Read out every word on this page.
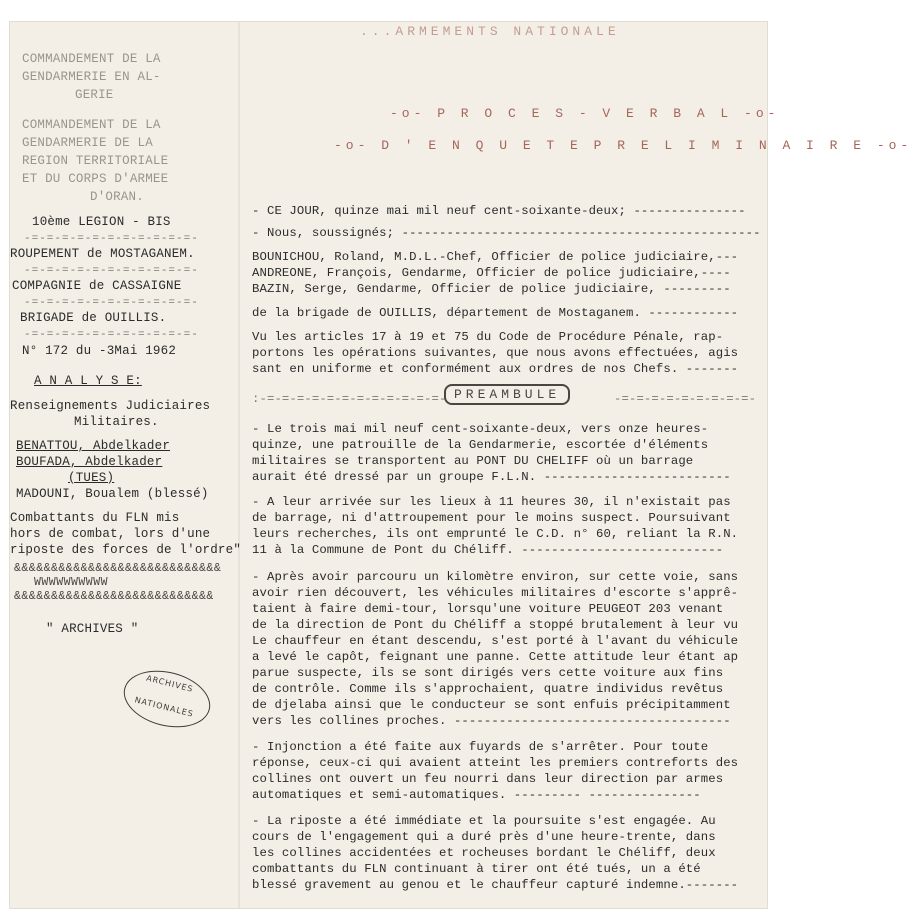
COMMANDEMENT DE LA
GENDARMERIE EN AL-
GERIE
COMMANDEMENT DE LA
GENDARMERIE DE LA
REGION TERRITORIALE
ET DU CORPS D'ARMEE
D'ORAN.
10ème LEGION - BIS
-=-=-=-=-=-=-=-=-=-=-=-
ROUPEMENT de MOSTAGANEM.
-=-=-=-=-=-=-=-=-=-=-=-
COMPAGNIE de CASSAIGNE
-=-=-=-=-=-=-=-=-=-=-=-
BRIGADE de OUILLIS.
-=-=-=-=-=-=-=-=-=-=-=-
N° 172 du -3Mai 1962
A N A L Y S E:
Renseignements Judiciaires
Militaires.
BENATTOU, Abdelkader
BOUFADA, Abdelkader
(TUES)
MADOUNI, Boualem (blessé)
Combattants du FLN mis
hors de combat, lors d'une
riposte des forces de l'ordre"
&&&&&&&&&&&&&&&&&&&&&&&&&&&&
WWWWWWWWWW
&&&&&&&&&&&&&&&&&&&&&&&&&&&
" ARCHIVES "
ARCHIVES
NATIONALES
...ARMEMENTS NATIONALE
-o- P R O C E S - V E R B A L -o-
-o- D ' E N Q U E T E P R E L I M I N A I R E -o-
- CE JOUR, quinze mai mil neuf cent-soixante-deux; ---------------
- Nous, soussignés; ------------------------------------------------
BOUNICHOU, Roland, M.D.L.-Chef, Officier de police judiciaire,---
ANDREONE, François, Gendarme, Officier de police judiciaire,----
BAZIN, Serge, Gendarme, Officier de police judiciaire, ---------
de la brigade de OUILLIS, département de Mostaganem. ------------
Vu les articles 17 à 19 et 75 du Code de Procédure Pénale, rap-
portons les opérations suivantes, que nous avons effectuées, agis
sant en uniforme et conformément aux ordres de nos Chefs. -------
:-=-=-=-=-=-=-=-=-=-=-=-=- PREAMBULE	-=-=-=-=-=-=-=-=-=-
- Le trois mai mil neuf cent-soixante-deux, vers onze heures-
quinze, une patrouille de la Gendarmerie, escortée d'éléments
militaires se transportent au PONT DU CHELIFF où un barrage
aurait été dressé par un groupe F.L.N. -------------------------
- A leur arrivée sur les lieux à 11 heures 30, il n'existait pas
de barrage, ni d'attroupement pour le moins suspect. Poursuivant
leurs recherches, ils ont emprunté le C.D. n° 60, reliant la R.N.
11 à la Commune de Pont du Chéliff. ---------------------------
- Après avoir parcouru un kilomètre environ, sur cette voie, sans
avoir rien découvert, les véhicules militaires d'escorte s'apprê-
taient à faire demi-tour, lorsqu'une voiture PEUGEOT 203 venant
de la direction de Pont du Chéliff a stoppé brutalement à leur vu
Le chauffeur en étant descendu, s'est porté à l'avant du véhicule
a levé le capôt, feignant une panne. Cette attitude leur étant ap
parue suspecte, ils se sont dirigés vers cette voiture aux fins
de contrôle. Comme ils s'approchaient, quatre individus revêtus
de djelaba ainsi que le conducteur se sont enfuis précipitamment
vers les collines proches. -------------------------------------
- Injonction a été faite aux fuyards de s'arrêter. Pour toute
réponse, ceux-ci qui avaient atteint les premiers contreforts des
collines ont ouvert un feu nourri dans leur direction par armes
automatiques et semi-automatiques. --------- ---------------
- La riposte a été immédiate et la poursuite s'est engagée. Au
cours de l'engagement qui a duré près d'une heure-trente, dans
les collines accidentées et rocheuses bordant le Chéliff, deux
combattants du FLN continuant à tirer ont été tués, un a été
blessé gravement au genou et le chauffeur capturé indemne.-------
